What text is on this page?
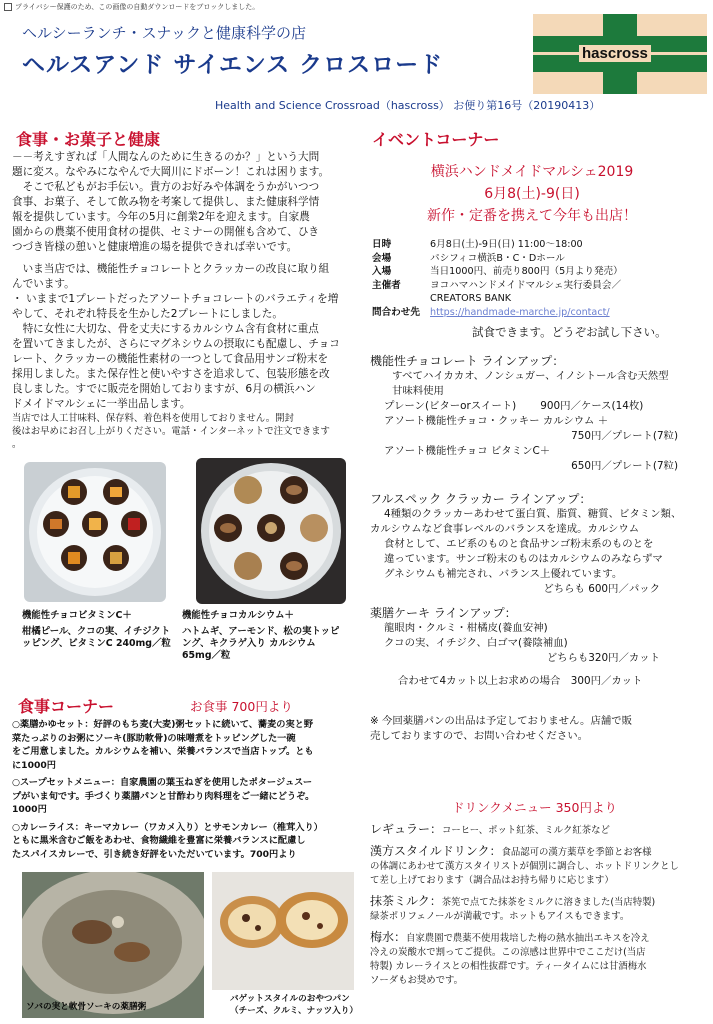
プライバシー保護のため、この画像の自動ダウンロードをブロックしました。
ヘルシーランチ・スナックと健康科学の店
ヘルスアンド サイエンス クロスロード	hascross
Health and Science Crossroad（hascross） お便り第16号（20190413）
食事・お菓子と健康
－－考えすぎれば「人間なんのために生きるのか？」という大問
題に変ス。なやみになやんで大岡川にドボーン！これは困ります。
　そこで私どもがお手伝い。貴方のお好みや体調をうかがいつつ
食事、お菓子、そして飲み物を考案して提供し、また健康科学情
報を提供しています。今年の5月に創業2年を迎えます。自家農
園からの農薬不使用食材の提供、セミナーの開催も含めて、ひき
つづき皆様の憩いと健康増進の場を提供できれば幸いです。
　いま当店では、機能性チョコレートとクラッカーの改良に取り組
んでいます。
・ いままで1プレートだったアソートチョコレートのバラエティを増
やして、それぞれ特長を生かした2プレートにしました。
　特に女性に大切な、骨を丈夫にするカルシウム含有食材に重点
を置いてきましたが、さらにマグネシウムの摂取にも配慮し、チョコ
レート、クラッカーの機能性素材の一つとして食品用サンゴ粉末を
採用しました。また保存性と使いやすさを追求して、包装形態を改
良しました。すでに販売を開始しておりますが、6月の横浜ハン
ドメイドマルシェに一挙出品します。
当店では人工甘味料、保存料、着色料を使用しておりません。開封
後はお早めにお召し上がりください。電話・インターネットで注文できます
。
機能性チョコビタミンC＋
柑橘ピール、クコの実、イチジクト
ッピング、ビタミンC 240mg／粒
機能性チョコカルシウム＋
ハトムギ、アーモンド、松の実トッピ
ング、キクラゲ入り カルシウム
65mg／粒
食事コーナー	お食事 700円より
○薬膳かゆセット：好評のもち麦(大麦)粥セットに続いて、蕎麦の実と野
菜たっぷりのお粥にソーキ(豚助軟骨)の味噌煮をトッピングした一碗
をご用意しました。カルシウムを補い、栄養バランスで当店トップ。とも
に1000円
○スープセットメニュー：自家農園の葉玉ねぎを使用したポタージュスー
プがいま旬です。手づくり薬膳パンと甘酢わり肉料理をご一緒にどうぞ。
1000円
○カレーライス：キーマカレー（ワカメ入り）とサモンカレー（椎茸入り）
ともに黒米含むご飯をあわせ、食物繊維を豊富に栄養バランスに配慮し
たスパイスカレーで、引き続き好評をいただいています。700円より
ソバの実と軟骨ソーキの薬膳粥
バゲットスタイルのおやつパン
（チーズ、クルミ、ナッツ入り）
イベントコーナー
横浜ハンドメイドマルシェ2019
6月8(土)-9(日)
新作・定番を携えて今年も出店！
日時	6月8日(土)-9日(日) 11:00～18:00
会場	パシフィコ横浜B・C・Dホール
入場	当日1000円、前売り800円（5月より発売）
主催者	ヨコハマハンドメイドマルシェ実行委員会／
CREATORS BANK
問合わせ先	https://handmade-marche.jp/contact/
試食できます。どうぞお試し下さい。
機能性チョコレート ラインアップ：
すべてハイカカオ、ノンシュガー、イノシトール含む天然型
甘味料使用
プレーン(ビターorスイート)　　 900円／ケース(14枚)
アソート機能性チョコ・クッキー カルシウム ＋
750円／プレート(7粒)
アソート機能性チョコ ビタミンC＋
650円／プレート(7粒)
フルスペック クラッカー ラインアップ：
4種類のクラッカーあわせて蛋白質、脂質、糖質、ビタミン類、
カルシウムなど食事レベルのバランスを達成。カルシウム
食材として、エビ系のものと食品サンゴ粉末系のものとを
違っています。サンゴ粉末のものはカルシウムのみならずマ
グネシウムも補完され、バランス上優れています。
どちらも 600円／パック
薬膳ケーキ ラインアップ：
龍眼肉・クルミ・柑橘皮(養血安神)
クコの実、イチジク、白ゴマ(養陰補血)
どちらも320円／カット
合わせて4カット以上お求めの場合　300円／カット
※ 今回薬膳パンの出品は予定しておりません。店舗で販
売しておりますので、お問い合わせください。
ドリンクメニュー 350円より
レギュラー：コーヒー、ポット紅茶、ミルク紅茶など
漢方スタイルドリンク：食品認可の漢方薬草を季節とお客様
の体調にあわせて漢方スタイリストが個別に調合し、ホットドリンクとし
て差し上げております（調合品はお持ち帰りに応じます）
抹茶ミルク：茶筅で点てた抹茶をミルクに溶きました(当店特製)
緑茶ポリフェノールが満載です。ホットもアイスもできます。
梅水：自家農園で農薬不使用栽培した梅の熱水抽出エキスを冷え
冷えの炭酸水で割ってご提供。この涼感は世界中でここだけ(当店
特製) カレーライスとの相性抜群です。ティータイムには甘酒梅水
ソーダもお奨めです。
